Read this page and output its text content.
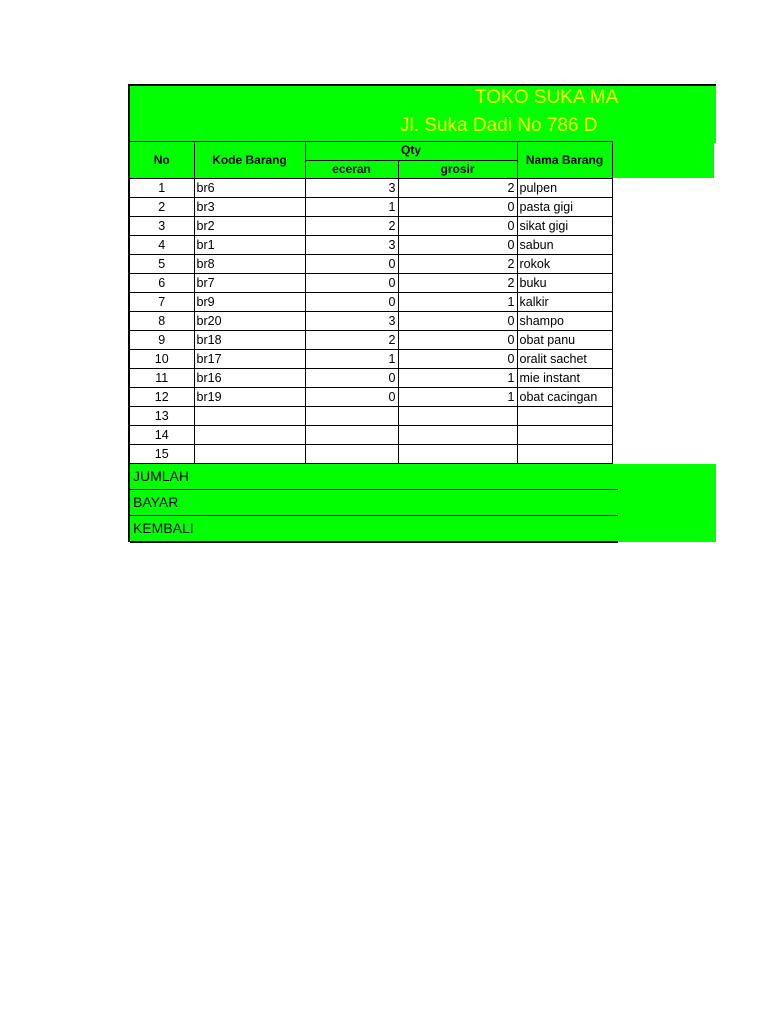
TOKO SUKA MA
Jl. Suka Dadi No 786 D
No	Kode Barang	Qty		Nama Barang
		eceran	grosir	
1	br6	3	2	pulpen
2	br3	1	0	pasta gigi
3	br2	2	0	sikat gigi
4	br1	3	0	sabun
5	br8	0	2	rokok
6	br7	0	2	buku
7	br9	0	1	kalkir
8	br20	3	0	shampo
9	br18	2	0	obat panu
10	br17	1	0	oralit sachet
11	br16	0	1	mie instant
12	br19	0	1	obat cacingan
13				
14				
15				
JUMLAH
BAYAR
KEMBALI
